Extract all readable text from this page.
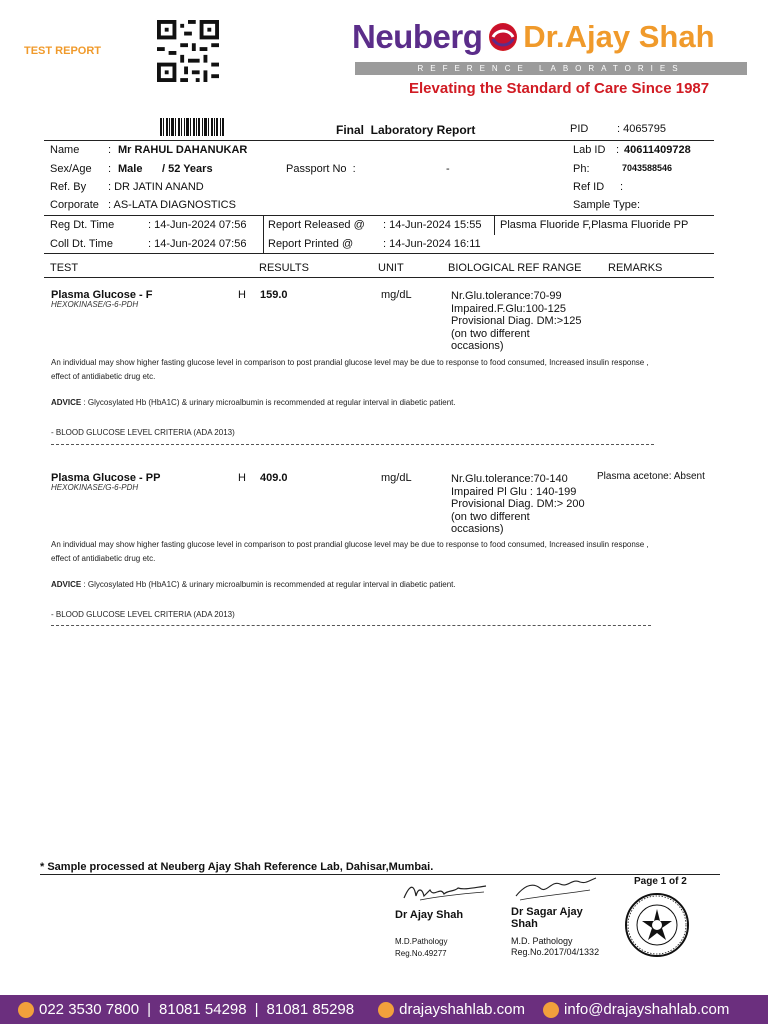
TEST REPORT	Neuberg Dr.Ajay Shah
REFERENCE LABORATORIES
Elevating the Standard of Care Since 1987
Final  Laboratory Report	PID	: 4065795
Name	: Mr RAHUL DAHANUKAR	Lab ID : 40611409728
Sex/Age : Male / 52 Years	Passport No  :	-	Ph:	7043588546
Ref. By : DR JATIN ANAND	Ref ID :
Corporate : AS-LATA DIAGNOSTICS	Sample Type:
Reg Dt. Time	: 14-Jun-2024 07:56 Report Released @ : 14-Jun-2024 15:55 Plasma Fluoride F,Plasma Fluoride PP
Coll Dt. Time	: 14-Jun-2024 07:56 Report Printed @	: 14-Jun-2024 16:11
TEST	RESULTS	UNIT	BIOLOGICAL REF RANGE REMARKS
Plasma Glucose - F
HEXOKINASE/G-6-PDH
H 159.0	mg/dL	Nr.Glu.tolerance:70-99
Impaired.F.Glu:100-125
Provisional Diag. DM:>125
(on two different
occasions)
An individual may show higher fasting glucose level in comparison to post prandial glucose level may be due to response to food consumed, Increased insulin response ,
effect of antidiabetic drug etc.
ADVICE : Glycosylated Hb (HbA1C) & urinary microalbumin is recommended at regular interval in diabetic patient.
- BLOOD GLUCOSE LEVEL CRITERIA (ADA 2013)
Plasma Glucose - PP
HEXOKINASE/G-6-PDH
H 409.0	mg/dL	Nr.Glu.tolerance:70-140
Impaired Pl Glu : 140-199
Provisional Diag. DM:> 200
(on two different
occasions)
Plasma acetone: Absent
An individual may show higher fasting glucose level in comparison to post prandial glucose level may be due to response to food consumed, Increased insulin response ,
effect of antidiabetic drug etc.
ADVICE : Glycosylated Hb (HbA1C) & urinary microalbumin is recommended at regular interval in diabetic patient.
- BLOOD GLUCOSE LEVEL CRITERIA (ADA 2013)
* Sample processed at Neuberg Ajay Shah Reference Lab, Dahisar,Mumbai.
Page 1 of 2
Dr Ajay Shah
M.D.Pathology
Reg.No.49277
Dr Sagar Ajay
Shah
M.D. Pathology
Reg.No.2017/04/1332
022 3530 7800 | 81081 54298 | 81081 85298	drajayshahlab.com	info@drajayshahlab.com
